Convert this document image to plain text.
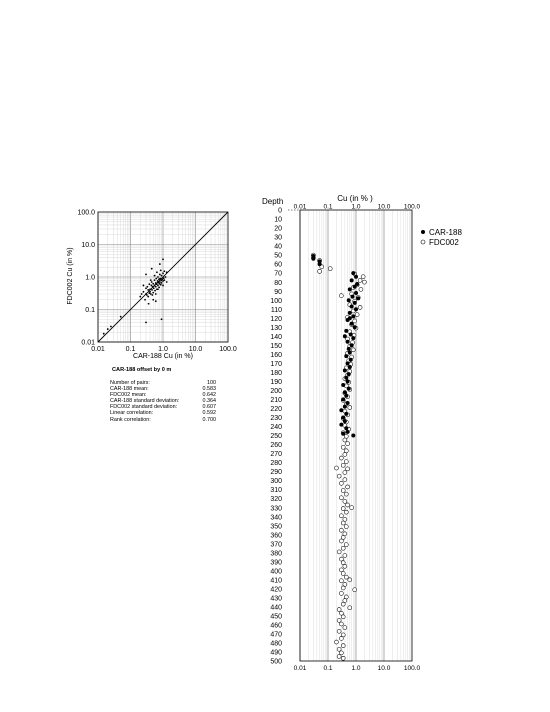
0.01	0.1	1.0	10.0 100.0
0.01
0.1
1.0
10.0
100.0
CAR-188 Cu (in %)
FDC002 Cu (in %)
0.01
0.01
0.1
0.1
1.0
1.0
10.0
10.0
100.0
100.0
0
10
20
30
40
50
60
70
80
90
100
110
120
130
140
150
160
170
180
190
200
210
220
230
240
250
260
270
280
290
300
310
320
330
340
350
360
370
380
390
400
410
420
430
440
450
460
470
480
490
500
Depth	Cu (in % )
CAR-188
FDC002
CAR-188 offset by 0 m
Number of pairs:	100
CAR-188 mean:	0.583
FDC002 mean:	0.642
CAR-188 standard deviation:	0.364
FDC002 standard deviation:	0.607
Linear correlation:	0.592
Rank correlation:	0.700
